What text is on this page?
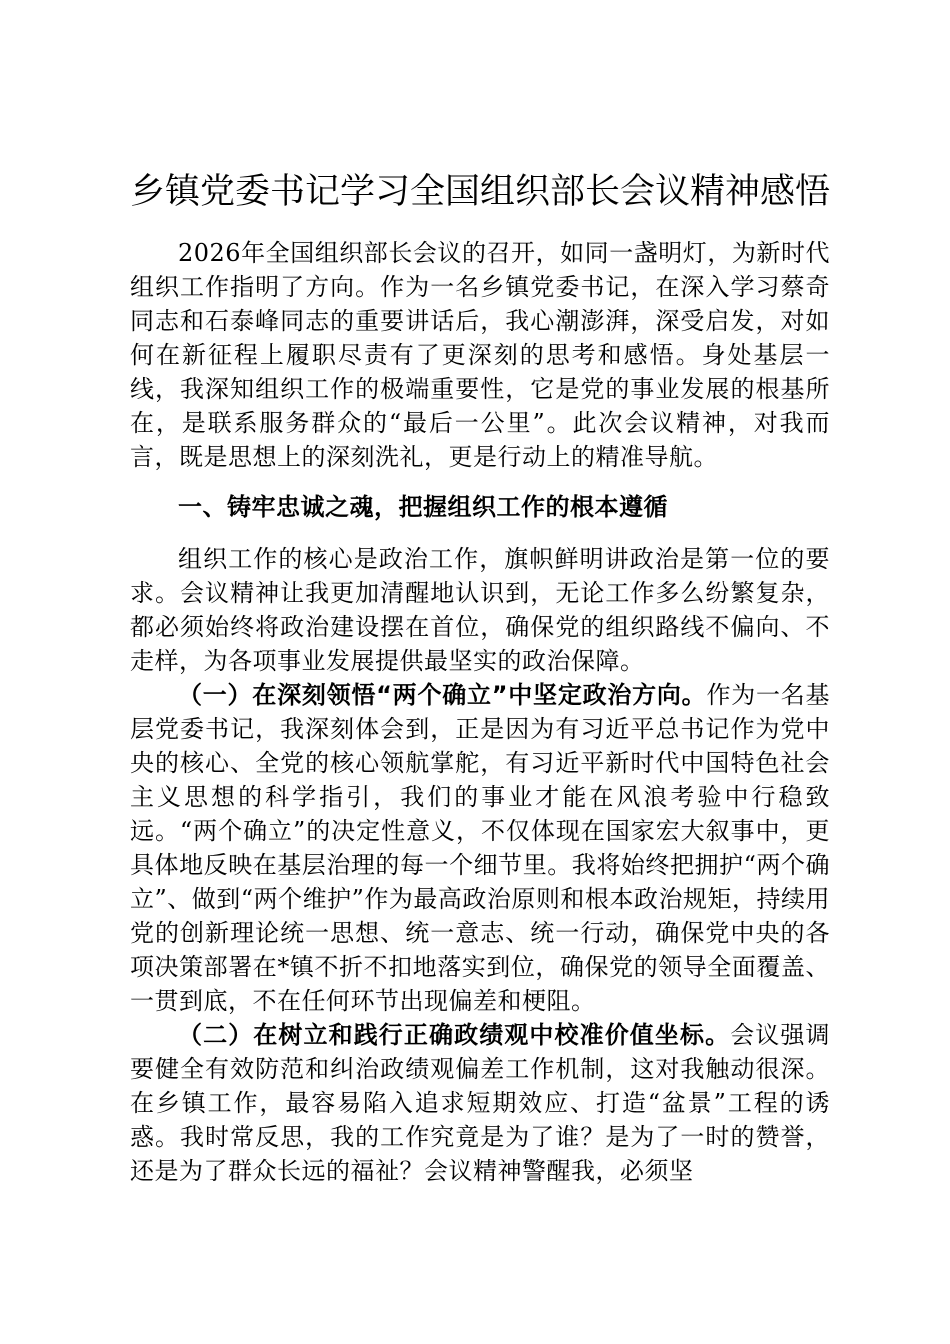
乡镇党委书记学习全国组织部长会议精神感悟
2026年全国组织部长会议的召开，如同一盏明灯，为新时代组织工作指明了方向。作为一名乡镇党委书记，在深入学习蔡奇同志和石泰峰同志的重要讲话后，我心潮澎湃，深受启发，对如何在新征程上履职尽责有了更深刻的思考和感悟。身处基层一线，我深知组织工作的极端重要性，它是党的事业发展的根基所在，是联系服务群众的“最后一公里”。此次会议精神，对我而言，既是思想上的深刻洗礼，更是行动上的精准导航。
一、铸牢忠诚之魂，把握组织工作的根本遵循
组织工作的核心是政治工作，旗帜鲜明讲政治是第一位的要求。会议精神让我更加清醒地认识到，无论工作多么纷繁复杂，都必须始终将政治建设摆在首位，确保党的组织路线不偏向、不走样，为各项事业发展提供最坚实的政治保障。
（一）在深刻领悟“两个确立”中坚定政治方向。作为一名基层党委书记，我深刻体会到，正是因为有习近平总书记作为党中央的核心、全党的核心领航掌舵，有习近平新时代中国特色社会主义思想的科学指引，我们的事业才能在风浪考验中行稳致远。“两个确立”的决定性意义，不仅体现在国家宏大叙事中，更具体地反映在基层治理的每一个细节里。我将始终把拥护“两个确立”、做到“两个维护”作为最高政治原则和根本政治规矩，持续用党的创新理论统一思想、统一意志、统一行动，确保党中央的各项决策部署在*镇不折不扣地落实到位，确保党的领导全面覆盖、一贯到底，不在任何环节出现偏差和梗阻。
（二）在树立和践行正确政绩观中校准价值坐标。会议强调要健全有效防范和纠治政绩观偏差工作机制，这对我触动很深。在乡镇工作，最容易陷入追求短期效应、打造“盆景”工程的诱惑。我时常反思，我的工作究竟是为了谁？是为了一时的赞誉，还是为了群众长远的福祉？会议精神警醒我，必须坚
